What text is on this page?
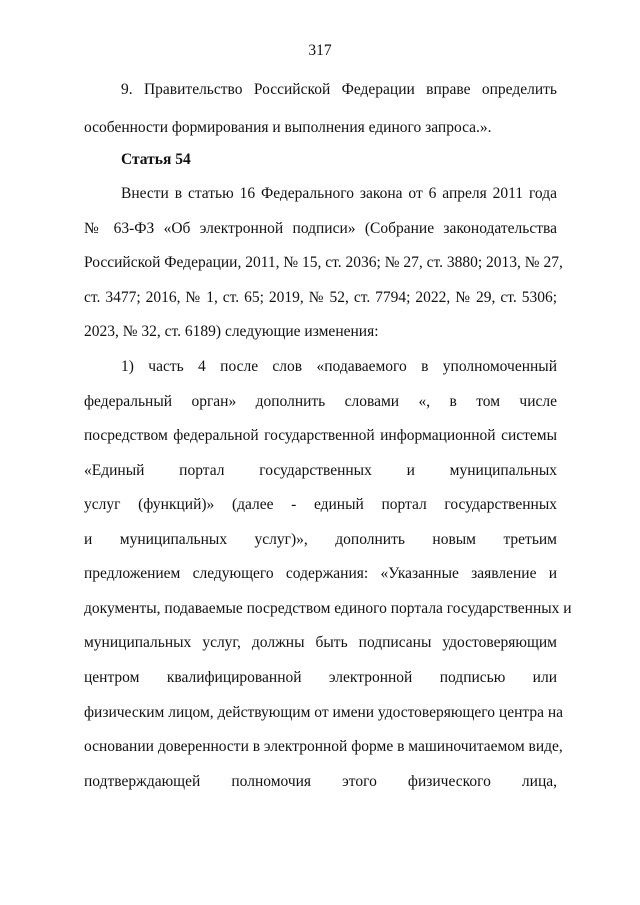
317
9. Правительство Российской Федерации вправе определить
особенности формирования и выполнения единого запроса.».
Статья 54
Внести в статью 16 Федерального закона от 6 апреля 2011 года
№ 63-ФЗ «Об электронной подписи» (Собрание законодательства
Российской Федерации, 2011, № 15, ст. 2036; № 27, ст. 3880; 2013, № 27,
ст. 3477; 2016, № 1, ст. 65; 2019, № 52, ст. 7794; 2022, № 29, ст. 5306;
2023, № 32, ст. 6189) следующие изменения:
1) часть 4 после слов «подаваемого в уполномоченный
федеральный орган» дополнить словами «, в том числе
посредством федеральной государственной информационной системы
«Единый портал государственных и муниципальных
услуг (функций)» (далее - единый портал государственных
и муниципальных услуг)», дополнить новым третьим
предложением следующего содержания: «Указанные заявление и
документы, подаваемые посредством единого портала государственных и
муниципальных услуг, должны быть подписаны удостоверяющим
центром квалифицированной электронной подписью или
физическим лицом, действующим от имени удостоверяющего центра на
основании доверенности в электронной форме в машиночитаемом виде,
подтверждающей полномочия этого физического лица,
